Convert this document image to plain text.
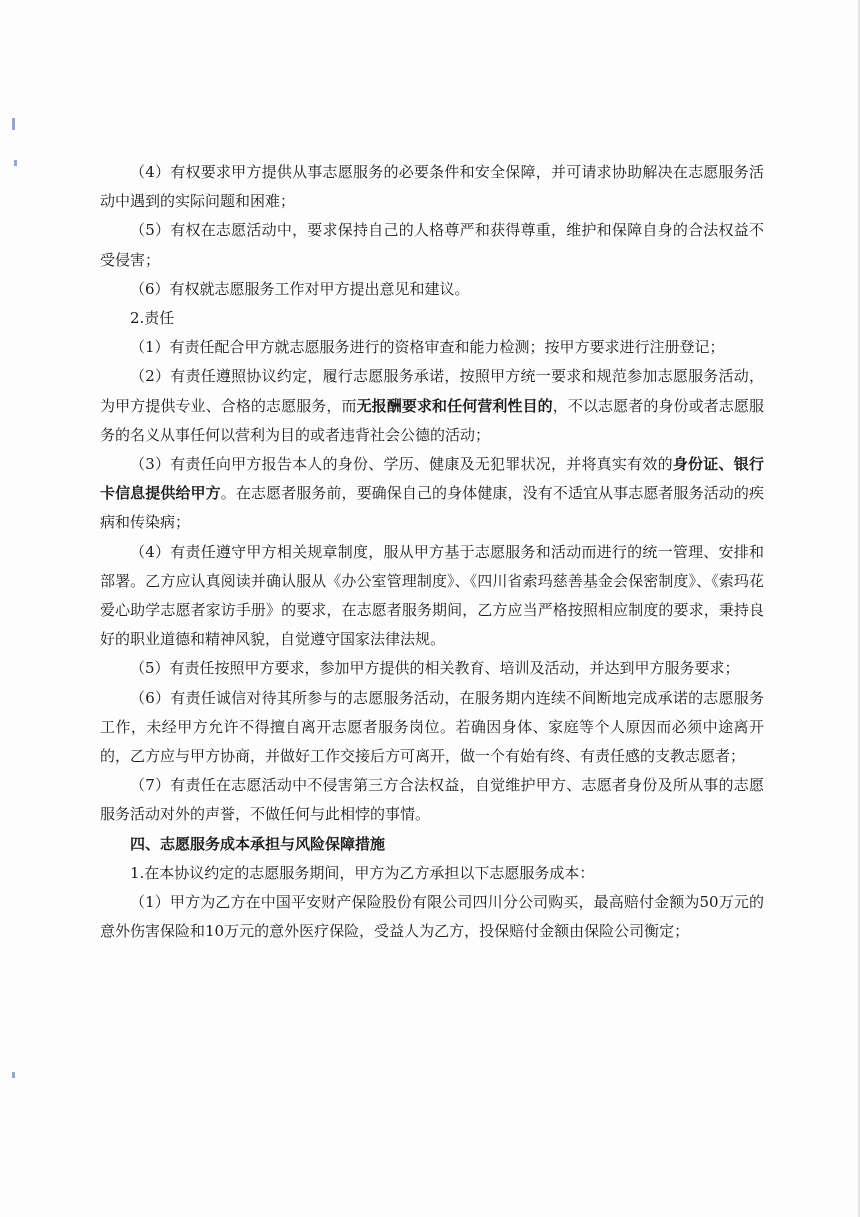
（4）有权要求甲方提供从事志愿服务的必要条件和安全保障，并可请求协助解决在志愿服务活动中遇到的实际问题和困难；

（5）有权在志愿活动中，要求保持自己的人格尊严和获得尊重，维护和保障自身的合法权益不受侵害；

（6）有权就志愿服务工作对甲方提出意见和建议。

2.责任

（1）有责任配合甲方就志愿服务进行的资格审查和能力检测；按甲方要求进行注册登记；

（2）有责任遵照协议约定，履行志愿服务承诺，按照甲方统一要求和规范参加志愿服务活动，为甲方提供专业、合格的志愿服务，而无报酬要求和任何营利性目的，不以志愿者的身份或者志愿服务的名义从事任何以营利为目的或者违背社会公德的活动；

（3）有责任向甲方报告本人的身份、学历、健康及无犯罪状况，并将真实有效的身份证、银行卡信息提供给甲方。在志愿者服务前，要确保自己的身体健康，没有不适宜从事志愿者服务活动的疾病和传染病；

（4）有责任遵守甲方相关规章制度，服从甲方基于志愿服务和活动而进行的统一管理、安排和部署。乙方应认真阅读并确认服从《办公室管理制度》、《四川省索玛慈善基金会保密制度》、《索玛花爱心助学志愿者家访手册》的要求，在志愿者服务期间，乙方应当严格按照相应制度的要求，秉持良好的职业道德和精神风貌，自觉遵守国家法律法规。

（5）有责任按照甲方要求，参加甲方提供的相关教育、培训及活动，并达到甲方服务要求；

（6）有责任诚信对待其所参与的志愿服务活动，在服务期内连续不间断地完成承诺的志愿服务工作，未经甲方允许不得擅自离开志愿者服务岗位。若确因身体、家庭等个人原因而必须中途离开的，乙方应与甲方协商，并做好工作交接后方可离开，做一个有始有终、有责任感的支教志愿者；

（7）有责任在志愿活动中不侵害第三方合法权益，自觉维护甲方、志愿者身份及所从事的志愿服务活动对外的声誉，不做任何与此相悖的事情。

四、志愿服务成本承担与风险保障措施

1.在本协议约定的志愿服务期间，甲方为乙方承担以下志愿服务成本：

（1）甲方为乙方在中国平安财产保险股份有限公司四川分公司购买，最高赔付金额为50万元的意外伤害保险和10万元的意外医疗保险，受益人为乙方，投保赔付金额由保险公司衡定；
